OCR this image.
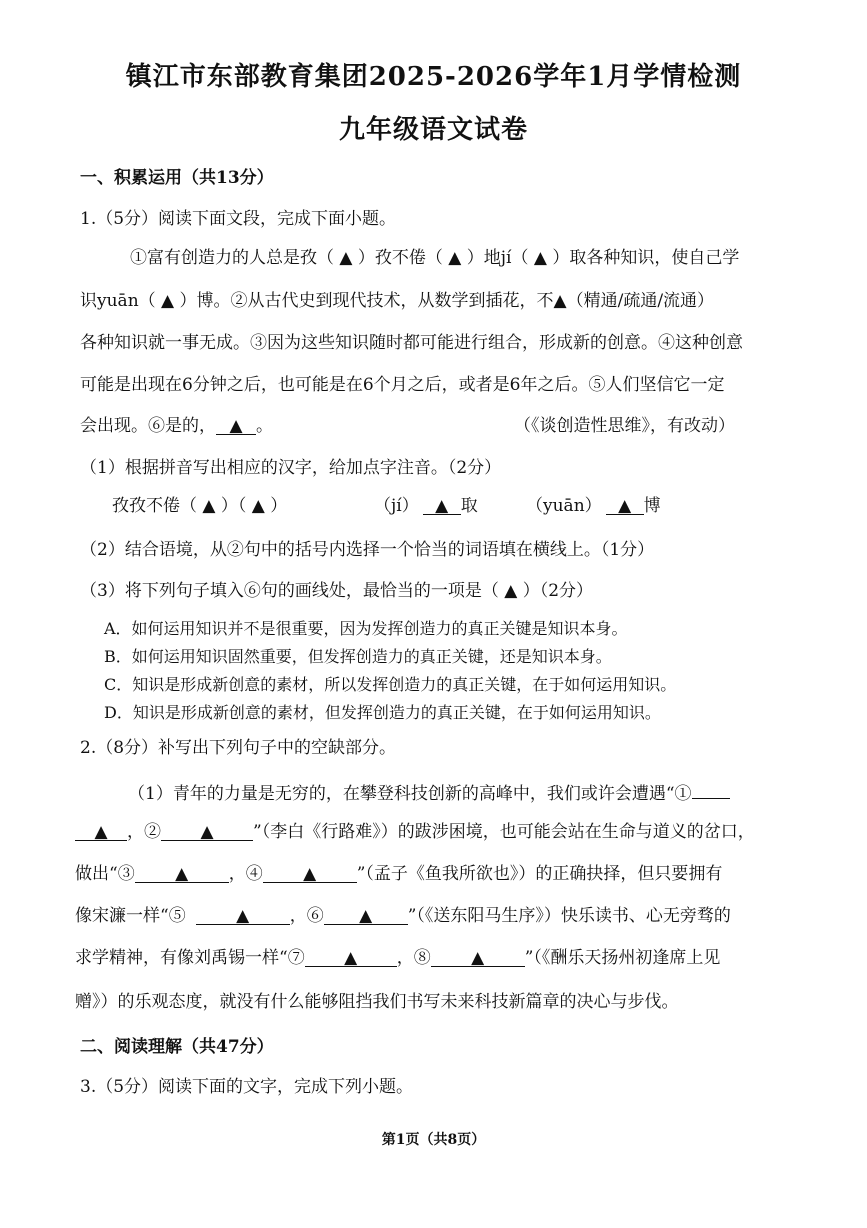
镇江市东部教育集团2025-2026学年1月学情检测
九年级语文试卷
一、积累运用（共13分）
1.（5分）阅读下面文段，完成下面小题。
①富有创造力的人总是孜（ ▲ ）孜不倦（ ▲ ）地jí（ ▲ ）取各种知识，使自己学
识yuān（ ▲ ）博。②从古代史到现代技术，从数学到插花，不▲（精通/疏通/流通）
各种知识就一事无成。③因为这些知识随时都可能进行组合，形成新的创意。④这种创意
可能是出现在6分钟之后，也可能是在6个月之后，或者是6年之后。⑤人们坚信它一定
会出现。⑥是的， ▲ 。	（《谈创造性思维》，有改动）
（1）根据拼音写出相应的汉字，给加点字注音。（2分）
孜孜不倦（ ▲ ）（ ▲ ）	（jí） ▲ 取	（yuān） ▲ 博
（2）结合语境，从②句中的括号内选择一个恰当的词语填在横线上。（1分）
（3）将下列句子填入⑥句的画线处，最恰当的一项是（ ▲ ）（2分）
A．如何运用知识并不是很重要，因为发挥创造力的真正关键是知识本身。
B．如何运用知识固然重要，但发挥创造力的真正关键，还是知识本身。
C．知识是形成新创意的素材，所以发挥创造力的真正关键，在于如何运用知识。
D．知识是形成新创意的素材，但发挥创造力的真正关键，在于如何运用知识。
2.（8分）补写出下列句子中的空缺部分。
（1）青年的力量是无穷的，在攀登科技创新的高峰中，我们或许会遭遇“①
▲ ，② ▲ ”（李白《行路难》）的跋涉困境，也可能会站在生命与道义的岔口，
做出“③ ▲ ，④ ▲ ”（孟子《鱼我所欲也》）的正确抉择，但只要拥有
像宋濂一样“⑤	▲ ，⑥ ▲ ”（《送东阳马生序》）快乐读书、心无旁骛的
求学精神，有像刘禹锡一样“⑦ ▲ ，⑧ ▲ ”（《酬乐天扬州初逢席上见
赠》）的乐观态度，就没有什么能够阻挡我们书写未来科技新篇章的决心与步伐。
二、阅读理解（共47分）
3.（5分）阅读下面的文字，完成下列小题。
第1页（共8页）
